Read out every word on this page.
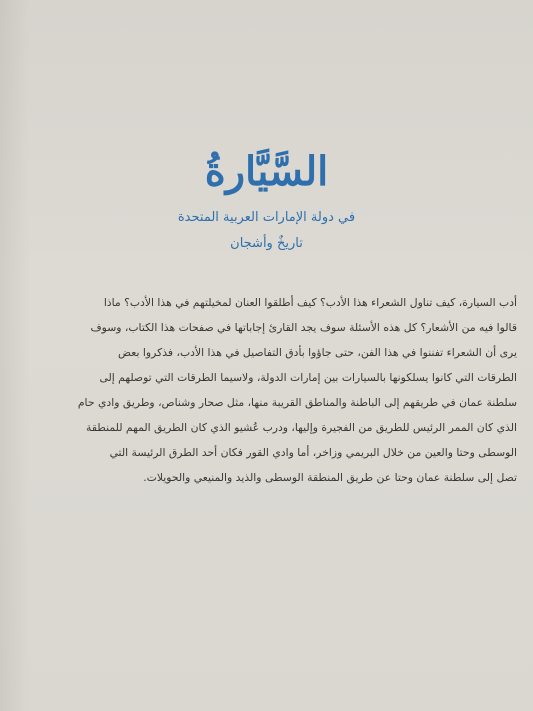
السَّيَّارةُ
في دولة الإمارات العربية المتحدة
تاريخٌ وأشجان
أدب السيارة، كيف تناول الشعراء هذا الأدب؟ كيف أطلقوا العنان لمخيلتهم في هذا الأدب؟ ماذا
قالوا فيه من الأشعار؟ كل هذه الأسئلة سوف يجد القارئ إجاباتها في صفحات هذا الكتاب، وسوف
يرى أن الشعراء تفننوا في هذا الفن، حتى جاؤوا بأدق التفاصيل في هذا الأدب، فذكروا بعض
الطرقات التي كانوا يسلكونها بالسيارات بين إمارات الدولة، ولاسيما الطرقات التي توصلهم إلى
سلطنة عمان في طريقهم إلى الباطنة والمناطق القريبة منها، مثل صحار وشناص، وطريق وادي حام
الذي كان الممر الرئيس للطريق من الفجيرة وإليها، ودرب عُشيو الذي كان الطريق المهم للمنطقة
الوسطى وحتا والعين من خلال البريمي وزاخر، أما وادي القور فكان أحد الطرق الرئيسة التي
تصل إلى سلطنة عمان وحتا عن طريق المنطقة الوسطى والذيد والمنيعي والحويلات.
